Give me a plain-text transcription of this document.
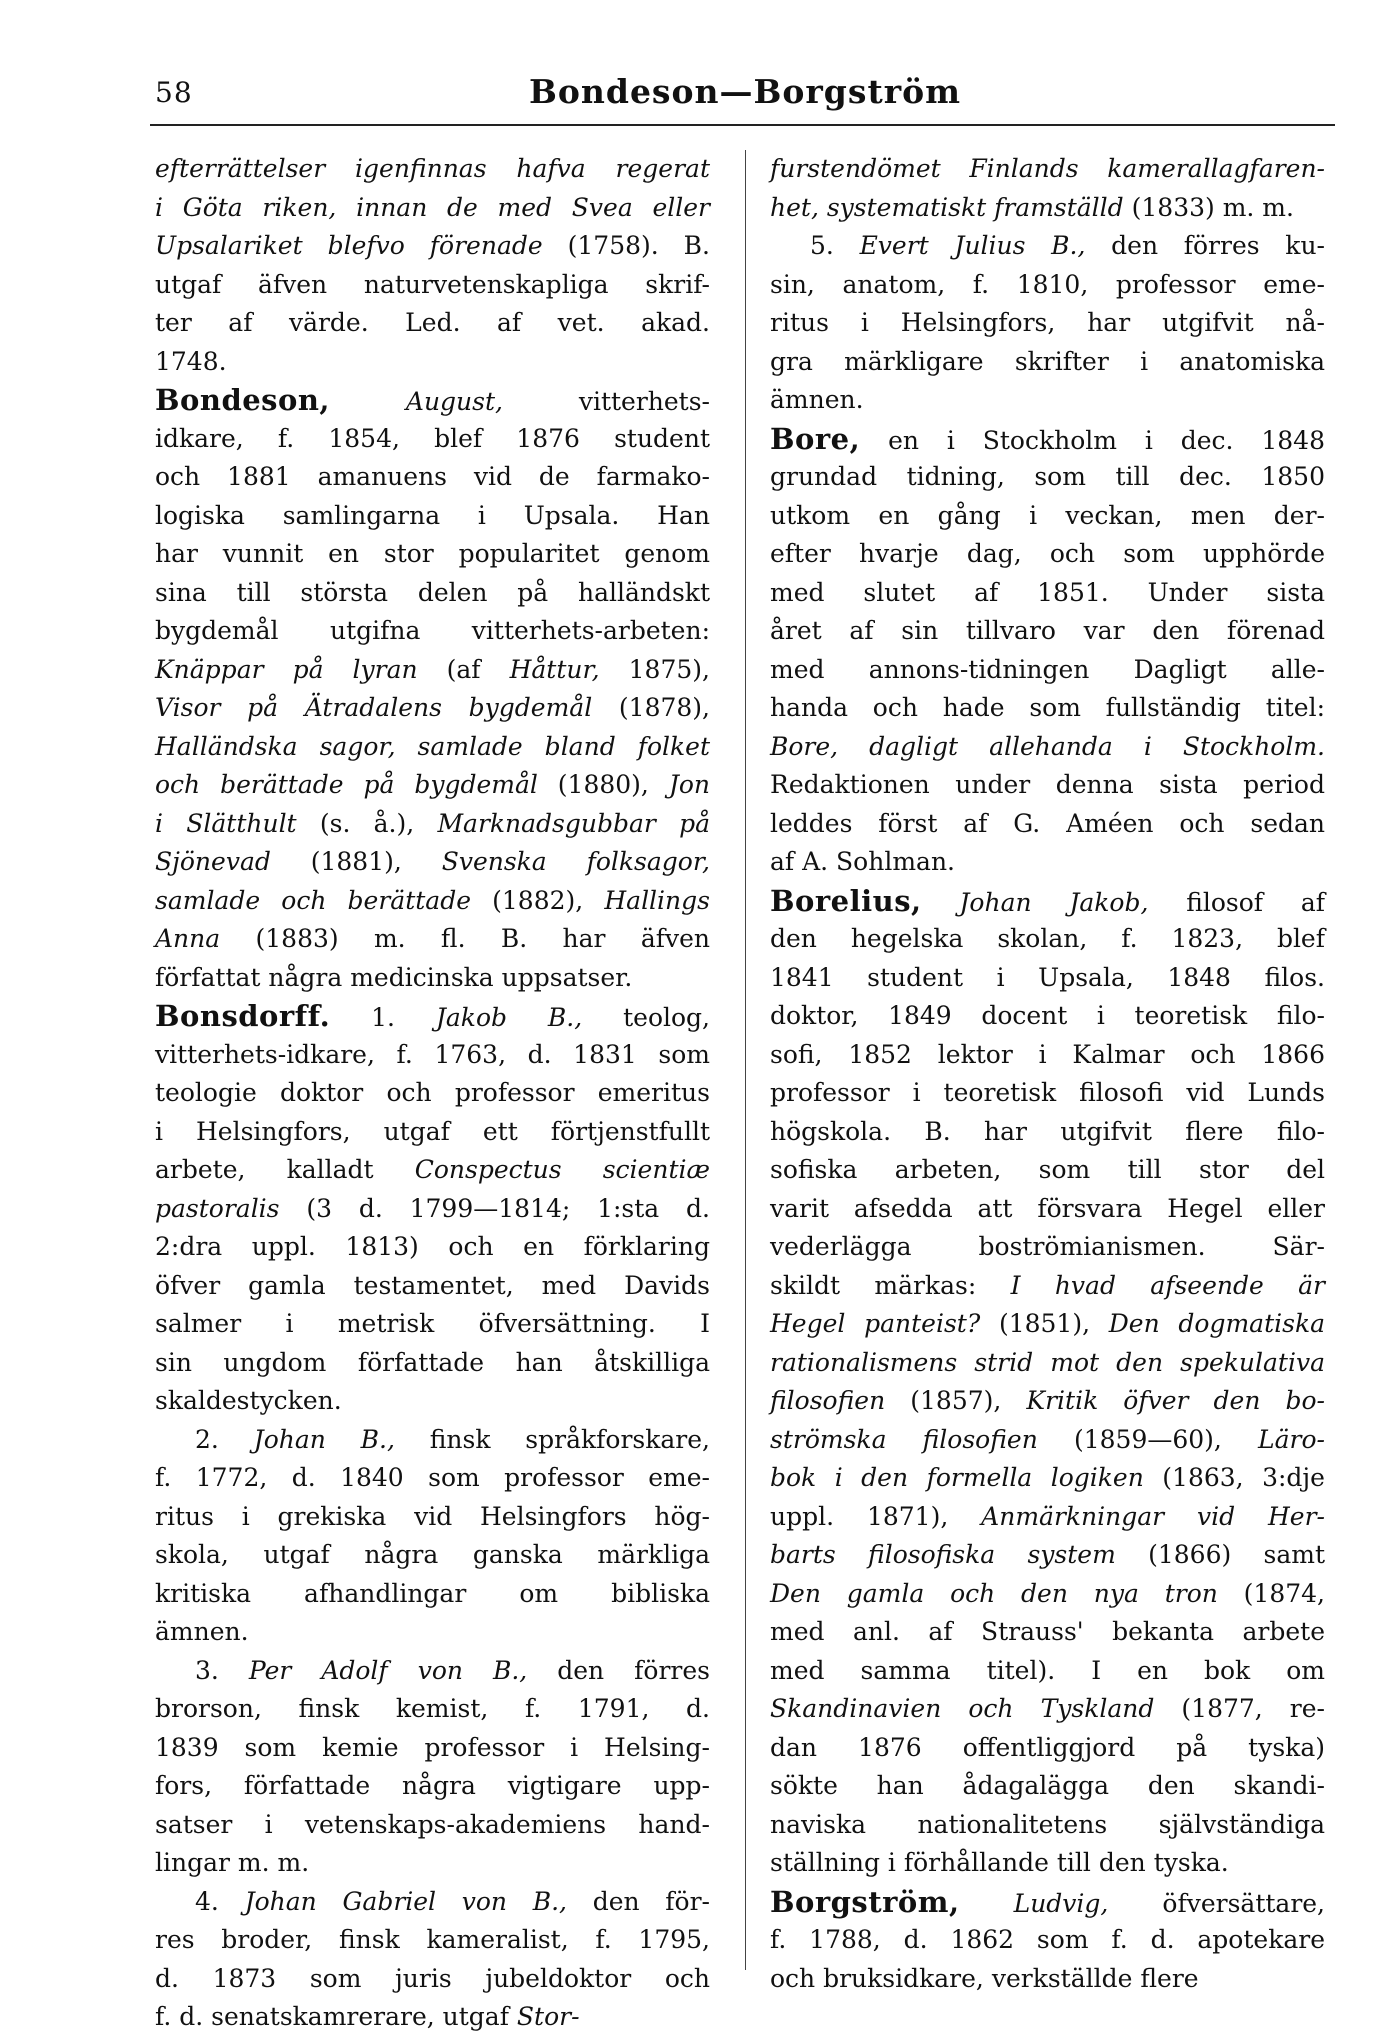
58	Bondeson—Borgström
efterrättelser igenfinnas hafva regerat
i Göta riken, innan de med Svea eller
Upsalariket blefvo förenade (1758). B.
utgaf äfven naturvetenskapliga skrif-
ter af värde. Led. af vet. akad.
1748.
Bondeson,	August, vitterhets-
idkare, f. 1854, blef 1876 student
och 1881 amanuens vid de farmako-
logiska samlingarna i Upsala. Han
har vunnit en stor popularitet genom
sina till största delen på halländskt
bygdemål utgifna vitterhets-arbeten:
Knäppar på lyran (af Håttur, 1875),
Visor på Ätradalens bygdemål (1878),
Halländska sagor, samlade bland folket
och berättade på bygdemål (1880), Jon
i Slätthult (s. å.), Marknadsgubbar på
Sjönevad (1881), Svenska folksagor,
samlade och berättade (1882), Hallings
Anna (1883) m. fl. B. har äfven
författat några medicinska uppsatser.
Bonsdorff. 1. Jakob B., teolog,
vitterhets-idkare, f. 1763, d. 1831 som
teologie doktor och professor emeritus
i Helsingfors, utgaf ett förtjenstfullt
arbete, kalladt Conspectus scientiæ
pastoralis (3 d. 1799—1814; 1:sta d.
2:dra uppl. 1813) och en förklaring
öfver gamla testamentet, med Davids
salmer i metrisk öfversättning. I
sin ungdom författade han åtskilliga
skaldestycken.
2. Johan B., finsk språkforskare,
f. 1772, d. 1840 som professor eme-
ritus i grekiska vid Helsingfors hög-
skola, utgaf några ganska märkliga
kritiska afhandlingar om bibliska
ämnen.
3. Per Adolf von B., den förres
brorson, finsk kemist, f. 1791, d.
1839 som kemie professor i Helsing-
fors, författade några vigtigare upp-
satser i vetenskaps-akademiens hand-
lingar m. m.
4. Johan Gabriel von B., den för-
res broder, finsk kameralist, f. 1795,
d. 1873 som juris jubeldoktor och
f. d. senatskamrerare, utgaf Stor-
furstendömet Finlands kamerallagfaren-
het, systematiskt framställd (1833) m. m.
5. Evert Julius B., den förres ku-
sin, anatom, f. 1810, professor eme-
ritus i Helsingfors, har utgifvit nå-
gra märkligare skrifter i anatomiska
ämnen.
Bore, en i Stockholm i dec. 1848
grundad tidning, som till dec. 1850
utkom en gång i veckan, men der-
efter hvarje dag, och som upphörde
med slutet af 1851. Under sista
året af sin tillvaro var den förenad
med annons-tidningen Dagligt alle-
handa och hade som fullständig titel:
Bore, dagligt allehanda i Stockholm.
Redaktionen under denna sista period
leddes först af G. Améen och sedan
af A. Sohlman.
Borelius, Johan Jakob, filosof af
den hegelska skolan, f. 1823, blef
1841 student i Upsala, 1848 filos.
doktor, 1849 docent i teoretisk filo-
sofi, 1852 lektor i Kalmar och 1866
professor i teoretisk filosofi vid Lunds
högskola. B. har utgifvit flere filo-
sofiska arbeten, som till stor del
varit afsedda att försvara Hegel eller
vederlägga boströmianismen. Sär-
skildt märkas: I hvad afseende är
Hegel panteist? (1851), Den dogmatiska
rationalismens strid mot den spekulativa
filosofien (1857), Kritik öfver den bo-
strömska filosofien (1859—60), Läro-
bok i den formella logiken (1863, 3:dje
uppl. 1871), Anmärkningar vid Her-
barts filosofiska system (1866) samt
Den gamla och den nya tron (1874,
med anl. af Strauss' bekanta arbete
med samma titel). I en bok om
Skandinavien och Tyskland (1877, re-
dan 1876 offentliggjord på tyska)
sökte han ådagalägga den skandi-
naviska nationalitetens självständiga
ställning i förhållande till den tyska.
Borgström, Ludvig, öfversättare,
f. 1788, d. 1862 som f. d. apotekare
och bruksidkare, verkställde flere
